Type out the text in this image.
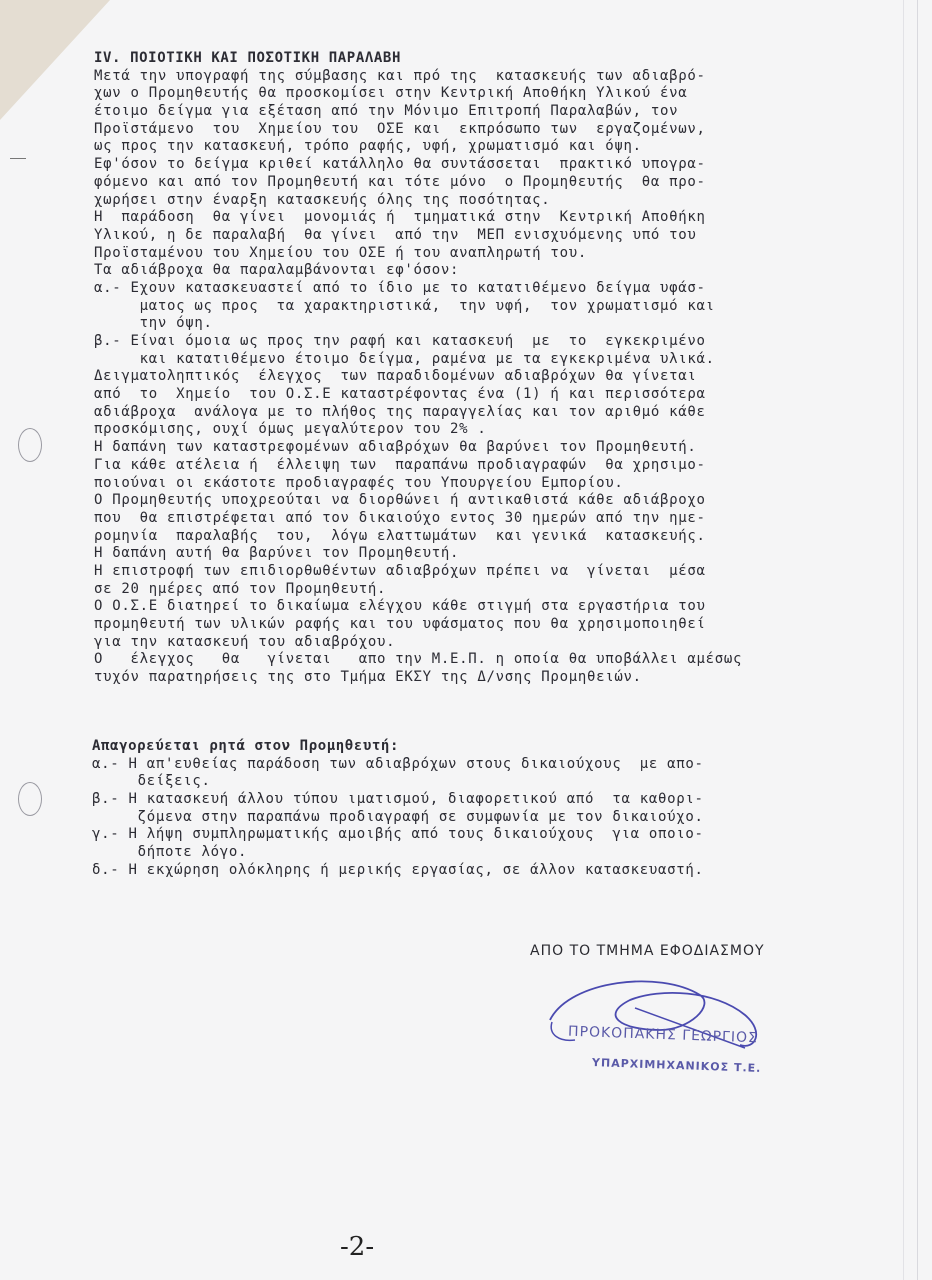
IV. ΠΟΙΟΤΙΚΗ ΚΑΙ ΠΟΣΟΤΙΚΗ ΠΑΡΑΛΑΒΗ
Μετά την υπογραφή της σύμβασης και πρό της  κατασκευής των αδιαβρό-
χων ο Προμηθευτής θα προσκομίσει στην Κεντρική Αποθήκη Υλικού ένα
έτοιμο δείγμα για εξέταση από την Μόνιμο Επιτροπή Παραλαβών, τον
Προϊστάμενο  του  Χημείου του  ΟΣΕ και  εκπρόσωπο των  εργαζομένων,
ως προς την κατασκευή, τρόπο ραφής, υφή, χρωματισμό και όψη.
Εφ'όσον το δείγμα κριθεί κατάλληλο θα συντάσσεται  πρακτικό υπογρα-
φόμενο και από τον Προμηθευτή και τότε μόνο  ο Προμηθευτής  θα προ-
χωρήσει στην έναρξη κατασκευής όλης της ποσότητας.
Η  παράδοση  θα γίνει  μονομιάς ή  τμηματικά στην  Κεντρική Αποθήκη
Υλικού, η δε παραλαβή  θα γίνει  από την  ΜΕΠ ενισχυόμενης υπό του
Προϊσταμένου του Χημείου του ΟΣΕ ή του αναπληρωτή του.
Τα αδιάβροχα θα παραλαμβάνονται εφ'όσον:
α.- Εχουν κατασκευαστεί από το ίδιο με το κατατιθέμενο δείγμα υφάσ-
ματος ως προς  τα χαρακτηριστικά,  την υφή,  τον χρωματισμό και
την όψη.
β.- Είναι όμοια ως προς την ραφή και κατασκευή  με  το  εγκεκριμένο
και κατατιθέμενο έτοιμο δείγμα, ραμένα με τα εγκεκριμένα υλικά.
Δειγματοληπτικός  έλεγχος  των παραδιδομένων αδιαβρόχων θα γίνεται
από  το  Χημείο  του Ο.Σ.Ε καταστρέφοντας ένα (1) ή και περισσότερα
αδιάβροχα  ανάλογα με το πλήθος της παραγγελίας και τον αριθμό κάθε
προσκόμισης, ουχί όμως μεγαλύτερον του 2% .
Η δαπάνη των καταστρεφομένων αδιαβρόχων θα βαρύνει τον Προμηθευτή.
Για κάθε ατέλεια ή  έλλειψη των  παραπάνω προδιαγραφών  θα χρησιμο-
ποιούναι οι εκάστοτε προδιαγραφές του Υπουργείου Εμπορίου.
Ο Προμηθευτής υποχρεούται να διορθώνει ή αντικαθιστά κάθε αδιάβροχο
που  θα επιστρέφεται από τον δικαιούχο εντος 30 ημερών από την ημε-
ρομηνία  παραλαβής  του,  λόγω ελαττωμάτων  και γενικά  κατασκευής.
Η δαπάνη αυτή θα βαρύνει τον Προμηθευτή.
Η επιστροφή των επιδιορθωθέντων αδιαβρόχων πρέπει να  γίνεται  μέσα
σε 20 ημέρες από τον Προμηθευτή.
Ο Ο.Σ.Ε διατηρεί το δικαίωμα ελέγχου κάθε στιγμή στα εργαστήρια του
προμηθευτή των υλικών ραφής και του υφάσματος που θα χρησιμοποιηθεί
για την κατασκευή του αδιαβρόχου.
Ο   έλεγχος   θα   γίνεται   απο την Μ.Ε.Π. η οποία θα υποβάλλει αμέσως
τυχόν παρατηρήσεις της στο Τμήμα ΕΚΣΥ της Δ/νσης Προμηθειών.
Απαγορεύεται ρητά στον Προμηθευτή:
α.- Η απ'ευθείας παράδοση των αδιαβρόχων στους δικαιούχους  με απο-
δείξεις.
β.- Η κατασκευή άλλου τύπου ιματισμού, διαφορετικού από  τα καθορι-
ζόμενα στην παραπάνω προδιαγραφή σε συμφωνία με τον δικαιούχο.
γ.- Η λήψη συμπληρωματικής αμοιβής από τους δικαιούχους  για οποιο-
δήποτε λόγο.
δ.- Η εκχώρηση ολόκληρης ή μερικής εργασίας, σε άλλον κατασκευαστή.
ΑΠΟ ΤΟ ΤΜΗΜΑ ΕΦΟΔΙΑΣΜΟΥ
ΠΡΟΚΟΠΑΚΗΣ ΓΕΩΡΓΙΟΣ
ΥΠΑΡΧΙΜΗΧΑΝΙΚΟΣ Τ.Ε.
-2-
